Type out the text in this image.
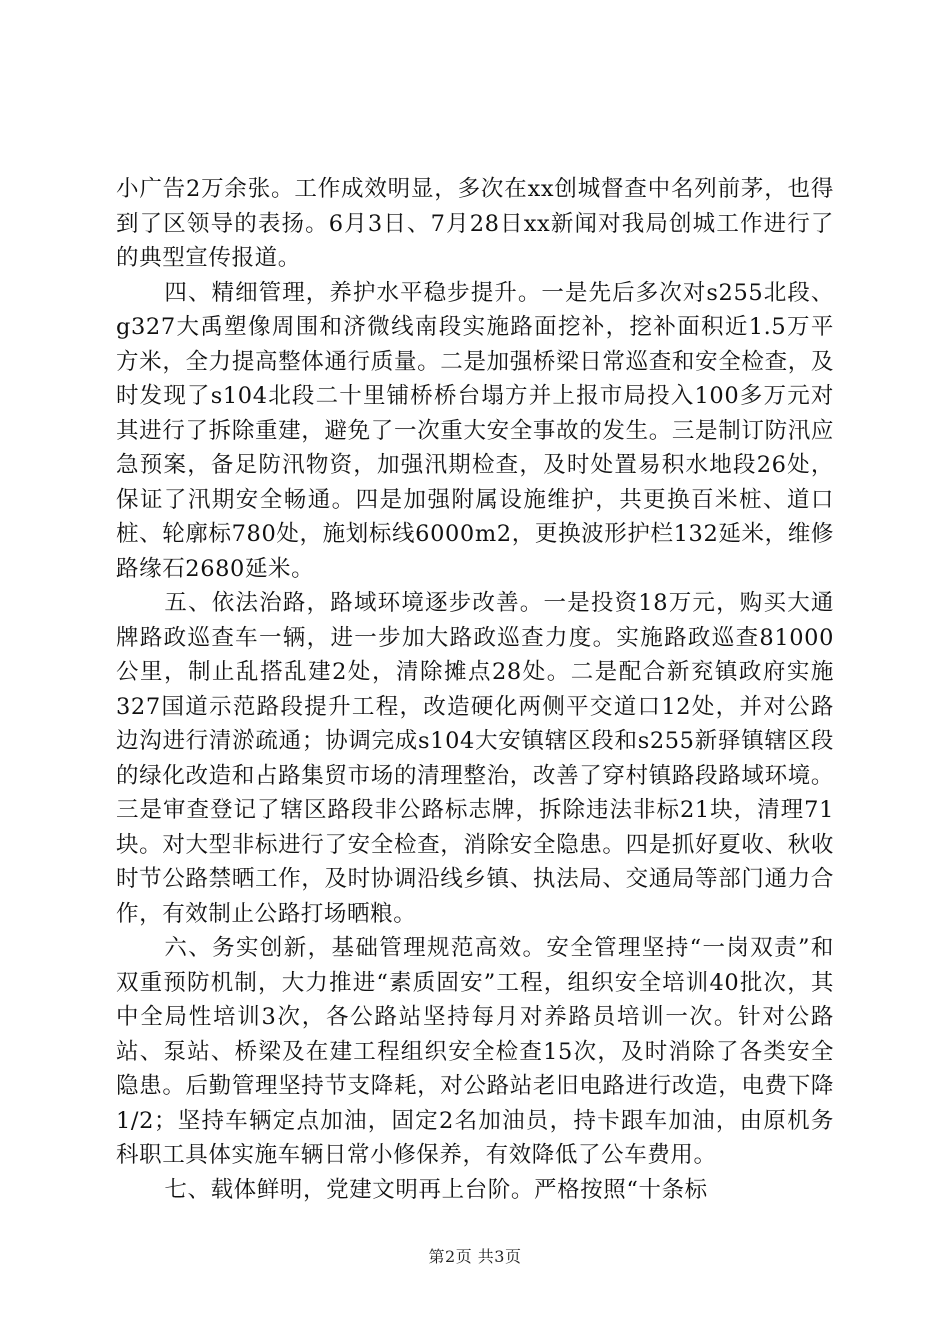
小广告2万余张。工作成效明显，多次在xx创城督查中名列前茅，也得到了区领导的表扬。6月3日、7月28日xx新闻对我局创城工作进行了的典型宣传报道。

四、精细管理，养护水平稳步提升。一是先后多次对s255北段、g327大禹塑像周围和济微线南段实施路面挖补，挖补面积近1.5万平方米，全力提高整体通行质量。二是加强桥梁日常巡查和安全检查，及时发现了s104北段二十里铺桥桥台塌方并上报市局投入100多万元对其进行了拆除重建，避免了一次重大安全事故的发生。三是制订防汛应急预案，备足防汛物资，加强汛期检查，及时处置易积水地段26处，保证了汛期安全畅通。四是加强附属设施维护，共更换百米桩、道口桩、轮廓标780处，施划标线6000m2，更换波形护栏132延米，维修路缘石2680延米。

五、依法治路，路域环境逐步改善。一是投资18万元，购买大通牌路政巡查车一辆，进一步加大路政巡查力度。实施路政巡查81000公里，制止乱搭乱建2处，清除摊点28处。二是配合新兖镇政府实施327国道示范路段提升工程，改造硬化两侧平交道口12处，并对公路边沟进行清淤疏通；协调完成s104大安镇辖区段和s255新驿镇辖区段的绿化改造和占路集贸市场的清理整治，改善了穿村镇路段路域环境。三是审查登记了辖区路段非公路标志牌，拆除违法非标21块，清理71块。对大型非标进行了安全检查，消除安全隐患。四是抓好夏收、秋收时节公路禁晒工作，及时协调沿线乡镇、执法局、交通局等部门通力合作，有效制止公路打场晒粮。

六、务实创新，基础管理规范高效。安全管理坚持“一岗双责”和双重预防机制，大力推进“素质固安”工程，组织安全培训40批次，其中全局性培训3次，各公路站坚持每月对养路员培训一次。针对公路站、泵站、桥梁及在建工程组织安全检查15次，及时消除了各类安全隐患。后勤管理坚持节支降耗，对公路站老旧电路进行改造，电费下降1/2；坚持车辆定点加油，固定2名加油员，持卡跟车加油，由原机务科职工具体实施车辆日常小修保养，有效降低了公车费用。

七、载体鲜明，党建文明再上台阶。严格按照“十条标

第2页 共3页
